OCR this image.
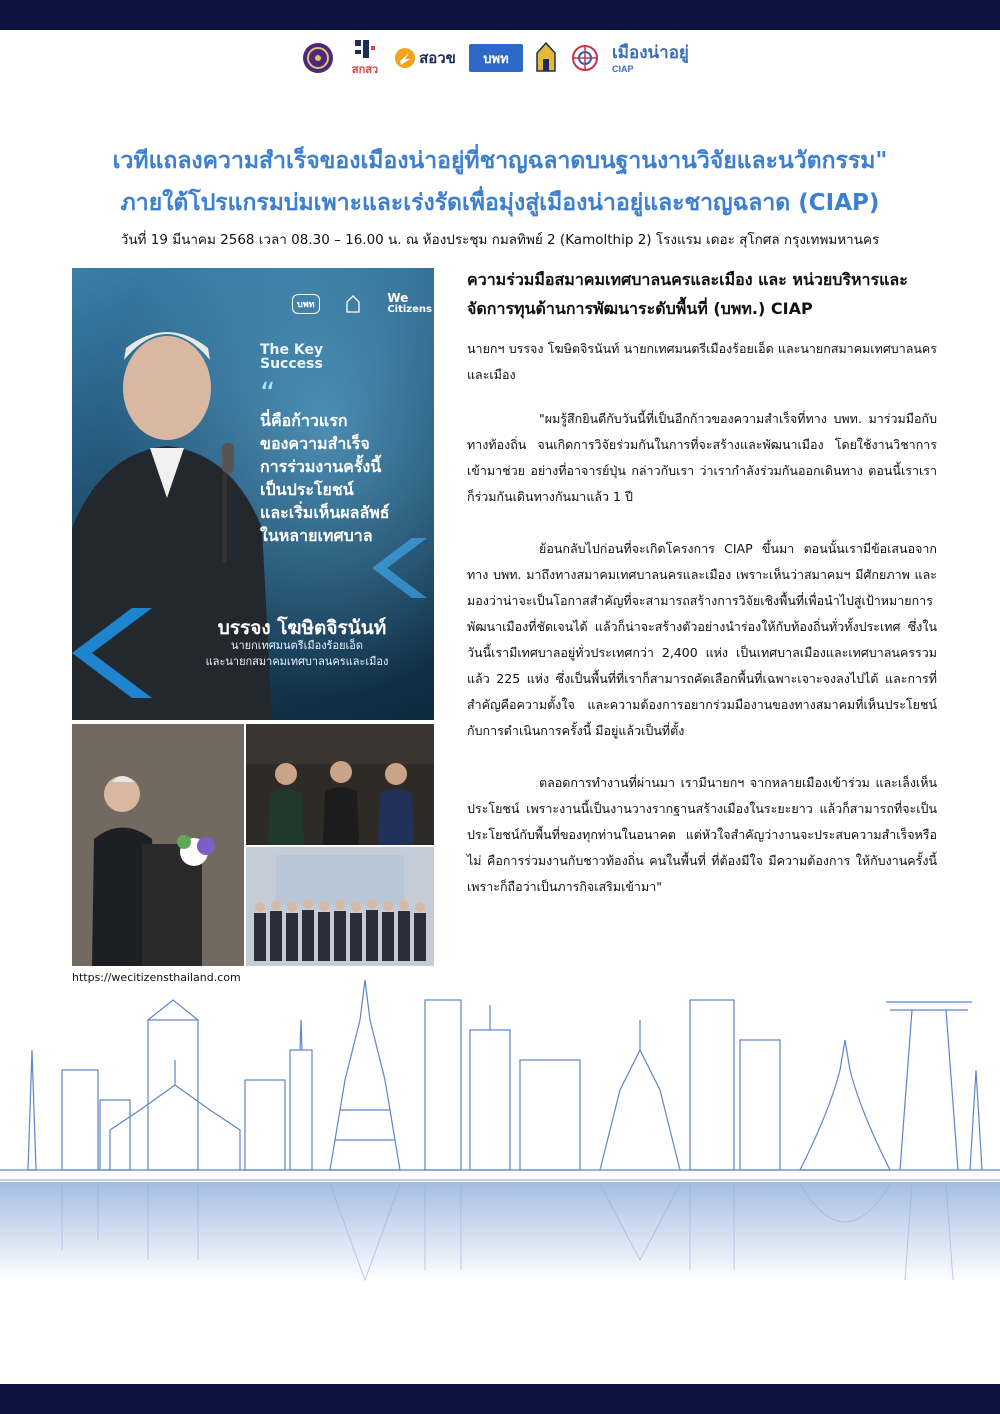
สกสว
สอวข บพท	เมืองน่าอยู่
CIAP
เวทีแถลงความสำเร็จของเมืองน่าอยู่ที่ชาญฉลาดบนฐานงานวิจัยและนวัตกรรม"
ภายใต้โปรแกรมบ่มเพาะและเร่งรัดเพื่อมุ่งสู่เมืองน่าอยู่และชาญฉลาด (CIAP)
วันที่ 19 มีนาคม 2568 เวลา 08.30 – 16.00 น. ณ ห้องประชุม กมลทิพย์ 2 (Kamolthip 2) โรงแรม เดอะ สุโกศล กรุงเทพมหานคร
บพท	We
Citizens
The Key
Success
“
นี่คือก้าวแรก
ของความสำเร็จ
การร่วมงานครั้งนี้
เป็นประโยชน์
และเริ่มเห็นผลลัพธ์
ในหลายเทศบาล
บรรจง โฆษิตจิรนันท์
นายกเทศมนตรีเมืองร้อยเอ็ด
และนายกสมาคมเทศบาลนครและเมือง
https://wecitizensthailand.com

ความร่วมมือสมาคมเทศบาลนครและเมือง และ หน่วยบริหารและ

จัดการทุนด้านการพัฒนาระดับพื้นที่ (บพท.) CIAP

นายกฯ บรรจง โฆษิตจิรนันท์ นายกเทศมนตรีเมืองร้อยเอ็ด และนายกสมาคมเทศบาลนครและเมือง

"ผมรู้สึกยินดีกับวันนี้ที่เป็นอีกก้าวของความสำเร็จที่ทาง บพท. มาร่วมมือกับทางท้องถิ่น จนเกิดการวิจัยร่วมกันในการที่จะสร้างและพัฒนาเมือง โดยใช้งานวิชาการเข้ามาช่วย อย่างที่อาจารย์ปุ่น กล่าวกับเรา ว่าเรากำลังร่วมกันออกเดินทาง ตอนนี้เราเราก็ร่วมกันเดินทางกันมาแล้ว 1 ปี

ย้อนกลับไปก่อนที่จะเกิดโครงการ CIAP ขึ้นมา ตอนนั้นเรามีข้อเสนอจากทาง บพท. มาถึงทางสมาคมเทศบาลนครและเมือง เพราะเห็นว่าสมาคมฯ มีศักยภาพ และมองว่าน่าจะเป็นโอกาสสำคัญที่จะสามารถสร้างการวิจัยเชิงพื้นที่เพื่อนำไปสู่เป้าหมายการพัฒนาเมืองที่ชัดเจนได้ แล้วก็น่าจะสร้างตัวอย่างนำร่องให้กับท้องถิ่นทั่วทั้งประเทศ ซึ่งในวันนี้เรามีเทศบาลอยู่ทั่วประเทศกว่า 2,400 แห่ง เป็นเทศบาลเมืองและเทศบาลนครรวมแล้ว 225 แห่ง ซึ่งเป็นพื้นที่ที่เราก็สามารถคัดเลือกพื้นที่เฉพาะเจาะจงลงไปได้ และการที่สำคัญคือความตั้งใจ และความต้องการอยากร่วมมืองานของทางสมาคมที่เห็นประโยชน์กับการดำเนินการครั้งนี้ มีอยู่แล้วเป็นที่ตั้ง

ตลอดการทำงานที่ผ่านมา เรามีนายกฯ จากหลายเมืองเข้าร่วม และเล็งเห็นประโยชน์ เพราะงานนี้เป็นงานวางรากฐานสร้างเมืองในระยะยาว แล้วก็สามารถที่จะเป็นประโยชน์กับพื้นที่ของทุกท่านในอนาคต แต่หัวใจสำคัญว่างานจะประสบความสำเร็จหรือไม่ คือการร่วมงานกับชาวท้องถิ่น คนในพื้นที่ ที่ต้องมีใจ มีความต้องการ ให้กับงานครั้งนี้เพราะก็ถือว่าเป็นภารกิจเสริมเข้ามา"
